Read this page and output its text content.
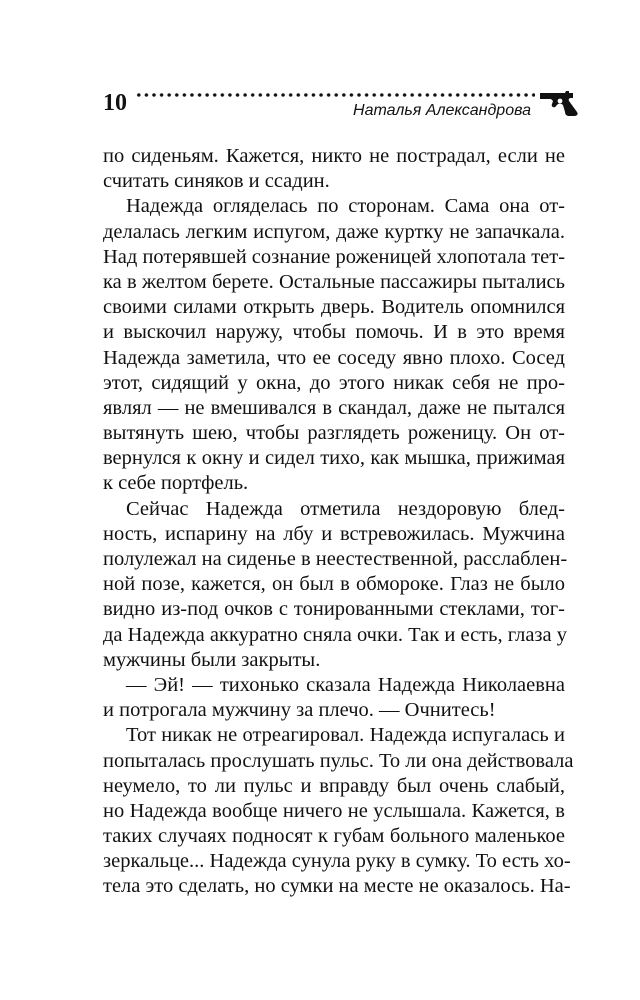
10	Наталья Александрова

по сиденьям. Кажется, никто не пострадал, если не

считать синяков и ссадин.

Надежда огляделась по сторонам. Сама она от-

делалась легким испугом, даже куртку не запачкала.

Над потерявшей сознание роженицей хлопотала тет-

ка в желтом берете. Остальные пассажиры пытались

своими силами открыть дверь. Водитель опомнился

и выскочил наружу, чтобы помочь. И в это время

Надежда заметила, что ее соседу явно плохо. Сосед

этот, сидящий у окна, до этого никак себя не про-

являл — не вмешивался в скандал, даже не пытался

вытянуть шею, чтобы разглядеть роженицу. Он от-

вернулся к окну и сидел тихо, как мышка, прижимая

к себе портфель.

Сейчас Надежда отметила нездоровую блед-

ность, испарину на лбу и встревожилась. Мужчина

полулежал на сиденье в неестественной, расслаблен-

ной позе, кажется, он был в обмороке. Глаз не было

видно из-под очков с тонированными стеклами, тог-

да Надежда аккуратно сняла очки. Так и есть, глаза у

мужчины были закрыты.

— Эй! — тихонько сказала Надежда Николаевна

и потрогала мужчину за плечо. — Очнитесь!

Тот никак не отреагировал. Надежда испугалась и

попыталась прослушать пульс. То ли она действовала

неумело, то ли пульс и вправду был очень слабый,

но Надежда вообще ничего не услышала. Кажется, в

таких случаях подносят к губам больного маленькое

зеркальце... Надежда сунула руку в сумку. То есть хо-

тела это сделать, но сумки на месте не оказалось. На-
